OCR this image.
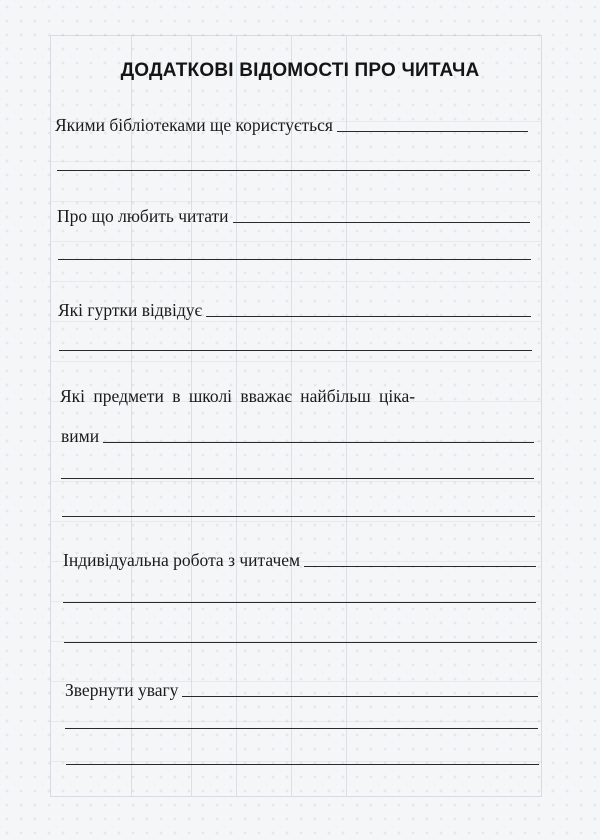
ДОДАТКОВІ ВІДОМОСТІ ПРО ЧИТАЧА
Якими бібліотеками ще користується
Про що любить читати
Які гуртки відвідує
Які предмети в школі вважає найбільш ціка-
вими
Індивідуальна робота з читачем
Звернути увагу
